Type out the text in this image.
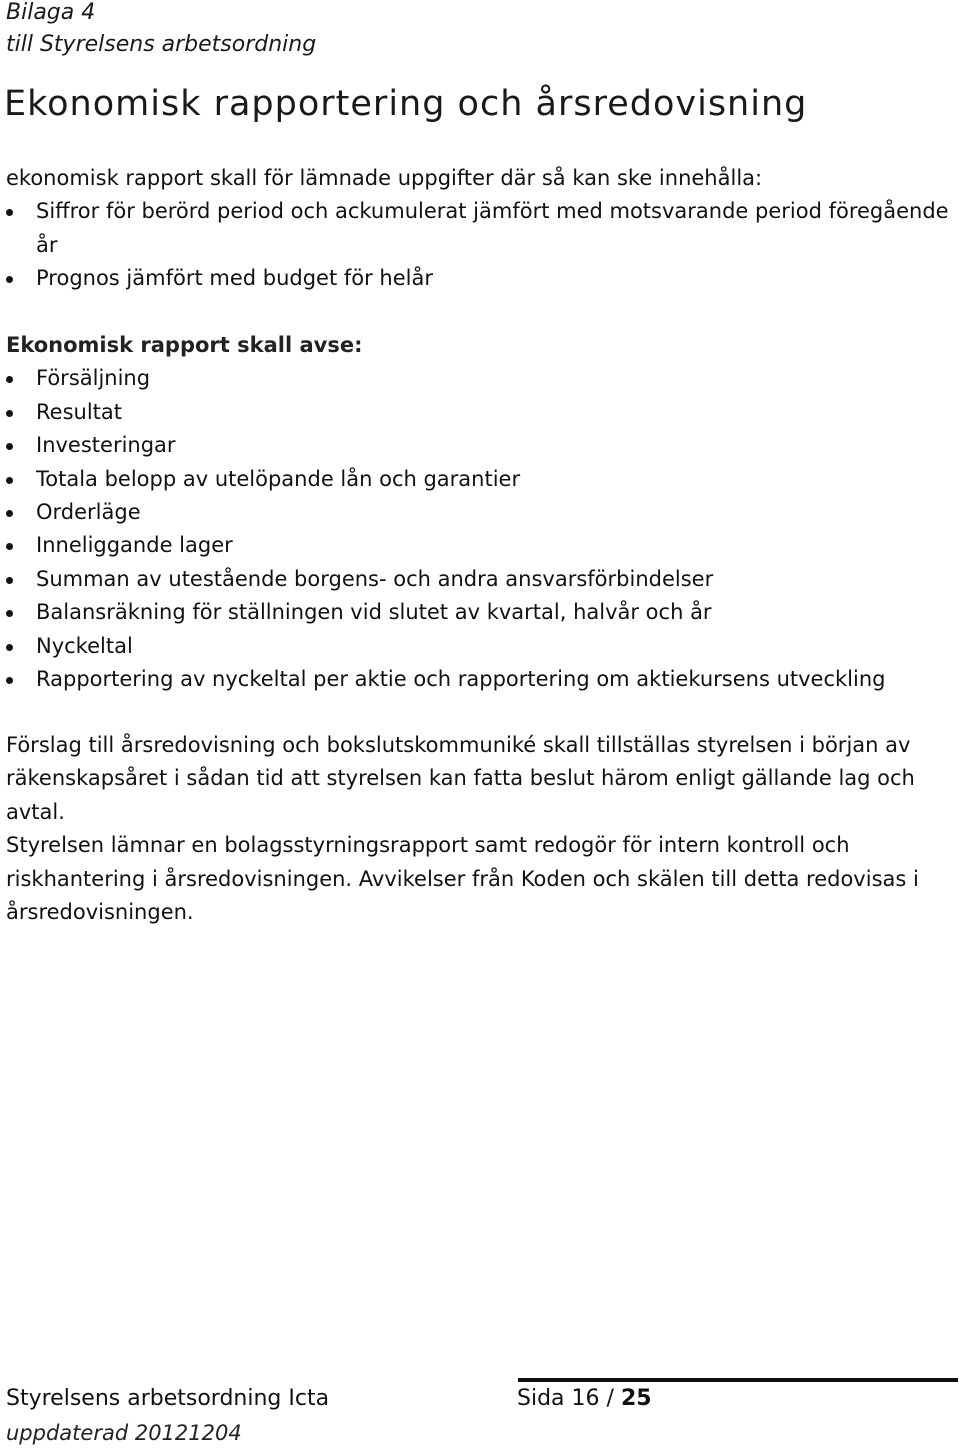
Bilaga 4
till Styrelsens arbetsordning
Ekonomisk rapportering och årsredovisning
ekonomisk rapport skall för lämnade uppgifter där så kan ske innehålla:
Siffror för berörd period och ackumulerat jämfört med motsvarande period föregående år
Prognos jämfört med budget för helår
Ekonomisk rapport skall avse:
Försäljning
Resultat
Investeringar
Totala belopp av utelöpande lån och garantier
Orderläge
Inneliggande lager
Summan av utestående borgens- och andra ansvarsförbindelser
Balansräkning för ställningen vid slutet av kvartal, halvår och år
Nyckeltal
Rapportering av nyckeltal per aktie och rapportering om aktiekursens utveckling
Förslag till årsredovisning och bokslutskommuniké skall tillställas styrelsen i början av räkenskapsåret i sådan tid att styrelsen kan fatta beslut härom enligt gällande lag och avtal.
Styrelsen lämnar en bolagsstyrningsrapport samt redogör för intern kontroll och riskhantering i årsredovisningen. Avvikelser från Koden och skälen till detta redovisas i årsredovisningen.
Styrelsens arbetsordning Icta	Sida 16 / 25
uppdaterad 20121204
